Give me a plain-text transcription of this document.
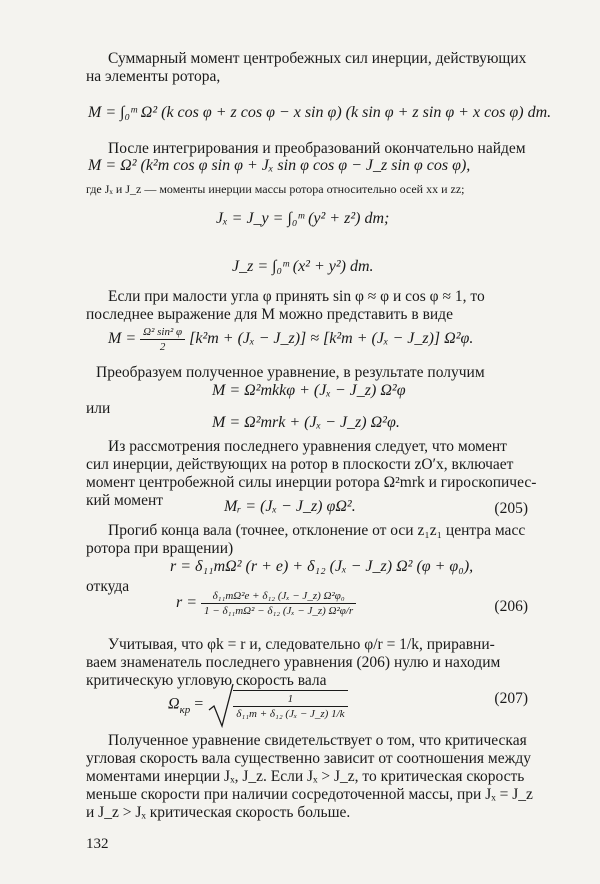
Суммарный момент центробежных сил инерции, действующих
на элементы ротора,
M = ∫₀ᵐ Ω² (k cos φ + z cos φ − x sin φ) (k sin φ + z sin φ + x cos φ) dm.
После интегрирования и преобразований окончательно найдем
M = Ω² (k²m cos φ sin φ + Jₓ sin φ cos φ − J_z sin φ cos φ),
где Jₓ и J_z — моменты инерции массы ротора относительно осей xx и zz;
Jₓ = J_y = ∫₀ᵐ (y² + z²) dm;
J_z = ∫₀ᵐ (x² + y²) dm.
Если при малости угла φ принять sin φ ≈ φ и cos φ ≈ 1, то
последнее выражение для M можно представить в виде
$M = \frac{\text{Ω² sin² φ}}{2} [k^2m + (J_x$ − J_z)] ≈ [k²m + (Jₓ − J_z)] Ω²φ.
Преобразуем полученное уравнение, в результате получим
M = Ω²mkkφ + (Jₓ − J_z) Ω²φ
или
M = Ω²mrk + (Jₓ − J_z) Ω²φ.
Из рассмотрения последнего уравнения следует, что момент
сил инерции, действующих на ротор в плоскости zO′x, включает
момент центробежной силы инерции ротора Ω²mrk и гироскопичес-
кий момент	Mᵣ = (Jₓ − J_z) φΩ².	(205)
Прогиб конца вала (точнее, отклонение от оси z₁z₁ центра масс
ротора при вращении)
r = δ₁₁mΩ² (r + e) + δ₁₂ (Jₓ − J_z) Ω² (φ + φ₀),
откуда
$r = \frac{\text{δ₁₁mΩ²e + δ₁₂ (Jₓ − J\_z) Ω²φ₀}}{\text{1 − δ₁₁mΩ² − δ₁₂ (Jₓ − J\_z) Ω²φ/r}}$	(206)
Учитывая, что φk = r и, следовательно φ/r = 1/k, приравни-
ваем знаменатель последнего уравнения (206) нулю и находим
критическую угловую скорость вала
$\Omega_{кр}$ =	$\frac{1}{\text{δ₁₁m + δ₁₂ (Jₓ − J\_z) 1/k}}$	(207)
Полученное уравнение свидетельствует о том, что критическая
угловая скорость вала существенно зависит от соотношения между
моментами инерции Jₓ, J_z. Если Jₓ > J_z, то критическая скорость
меньше скорости при наличии сосредоточенной массы, при Jₓ = J_z
и J_z > Jₓ критическая скорость больше.
132
